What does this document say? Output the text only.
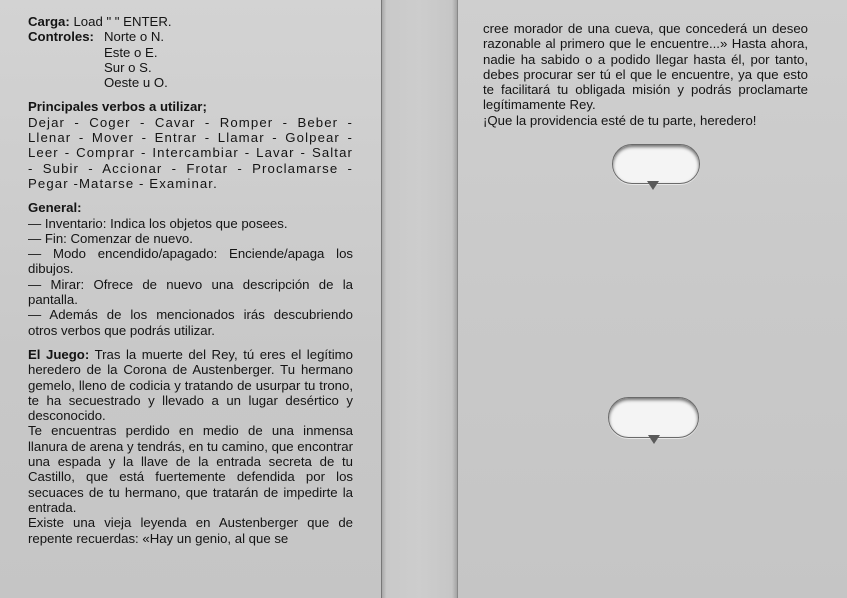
Carga: Load " " ENTER.
Controles: Norte o N.
Este o E.
Sur o S.
Oeste u O.
Principales verbos a utilizar;
Dejar - Coger - Cavar - Romper - Beber - Llenar - Mover - Entrar - Llamar - Golpear - Leer - Comprar - Intercambiar - Lavar - Saltar - Subir - Accionar - Frotar - Proclamarse - Pegar -Matarse - Examinar.
General:
— Inventario: Indica los objetos que posees.
— Fin: Comenzar de nuevo.
— Modo encendido/apagado: Enciende/apaga los dibujos.
— Mirar: Ofrece de nuevo una descripción de la pantalla.
— Además de los mencionados irás descubriendo otros verbos que podrás utilizar.
El Juego: Tras la muerte del Rey, tú eres el legítimo heredero de la Corona de Austenberger. Tu hermano gemelo, lleno de codicia y tratando de usurpar tu trono, te ha secuestrado y llevado a un lugar desértico y desconocido.
Te encuentras perdido en medio de una inmensa llanura de arena y tendrás, en tu camino, que encontrar una espada y la llave de la entrada secreta de tu Castillo, que está fuertemente defendida por los secuaces de tu hermano, que tratarán de impedirte la entrada.
Existe una vieja leyenda en Austenberger que de repente recuerdas: «Hay un genio, al que se
cree morador de una cueva, que concederá un deseo razonable al primero que le encuentre...» Hasta ahora, nadie ha sabido o a podido llegar hasta él, por tanto, debes procurar ser tú el que le encuentre, ya que esto te facilitará tu obligada misión y podrás proclamarte legítimamente Rey.
¡Que la providencia esté de tu parte, heredero!
